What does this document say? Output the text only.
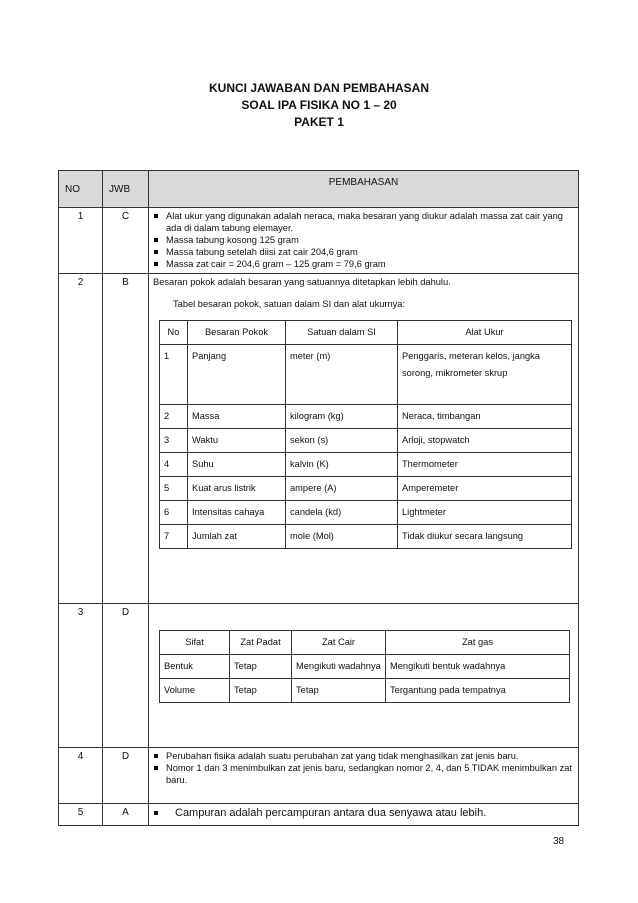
KUNCI JAWABAN DAN PEMBAHASAN
SOAL IPA FISIKA NO 1 – 20
PAKET 1
NO	JWB	PEMBAHASAN
1	C	Alat ukur yang digunakan adalah neraca, maka besaran yang diukur adalah massa zat cair yang ada di dalam tabung elemayer.
Massa tabung kosong 125 gram
Massa tabung setelah diisi zat cair 204,6 gram
Massa zat cair = 204,6 gram – 125 gram = 79,6 gram

2	B	Besaran pokok adalah besaran yang satuannya ditetapkan lebih dahulu.
Tabel besaran pokok, satuan dalam SI dan alat ukurnya:
No	Besaran Pokok	Satuan dalam SI	Alat Ukur
1	Panjang	meter (m)	Penggaris, meteran kelos, jangka sorong, mikrometer skrup
2	Massa	kilogram (kg)	Neraca, timbangan
3	Waktu	sekon (s)	Arloji, stopwatch
4	Suhu	kalvin (K)	Thermometer
5	Kuat arus listrik	ampere (A)	Amperemeter
6	Intensitas cahaya	candela (kd)	Lightmeter
7	Jumlah zat	mole (Mol)	Tidak diukur secara langsung

3	D	
Sifat	Zat Padat	Zat Cair	Zat gas
Bentuk	Tetap	Mengikuti wadahnya	Mengikuti bentuk wadahnya
Volume	Tetap	Tetap	Tergantung pada tempatnya

4	D	Perubahan fisika adalah suatu perubahan zat yang tidak menghasilkan zat jenis baru.
Nomor 1 dan 3 menimbulkan zat jenis baru, sedangkan nomor 2, 4, dan 5 TIDAK menimbulkan zat baru.

5	A	Campuran adalah percampuran antara dua senyawa atau lebih.
38
